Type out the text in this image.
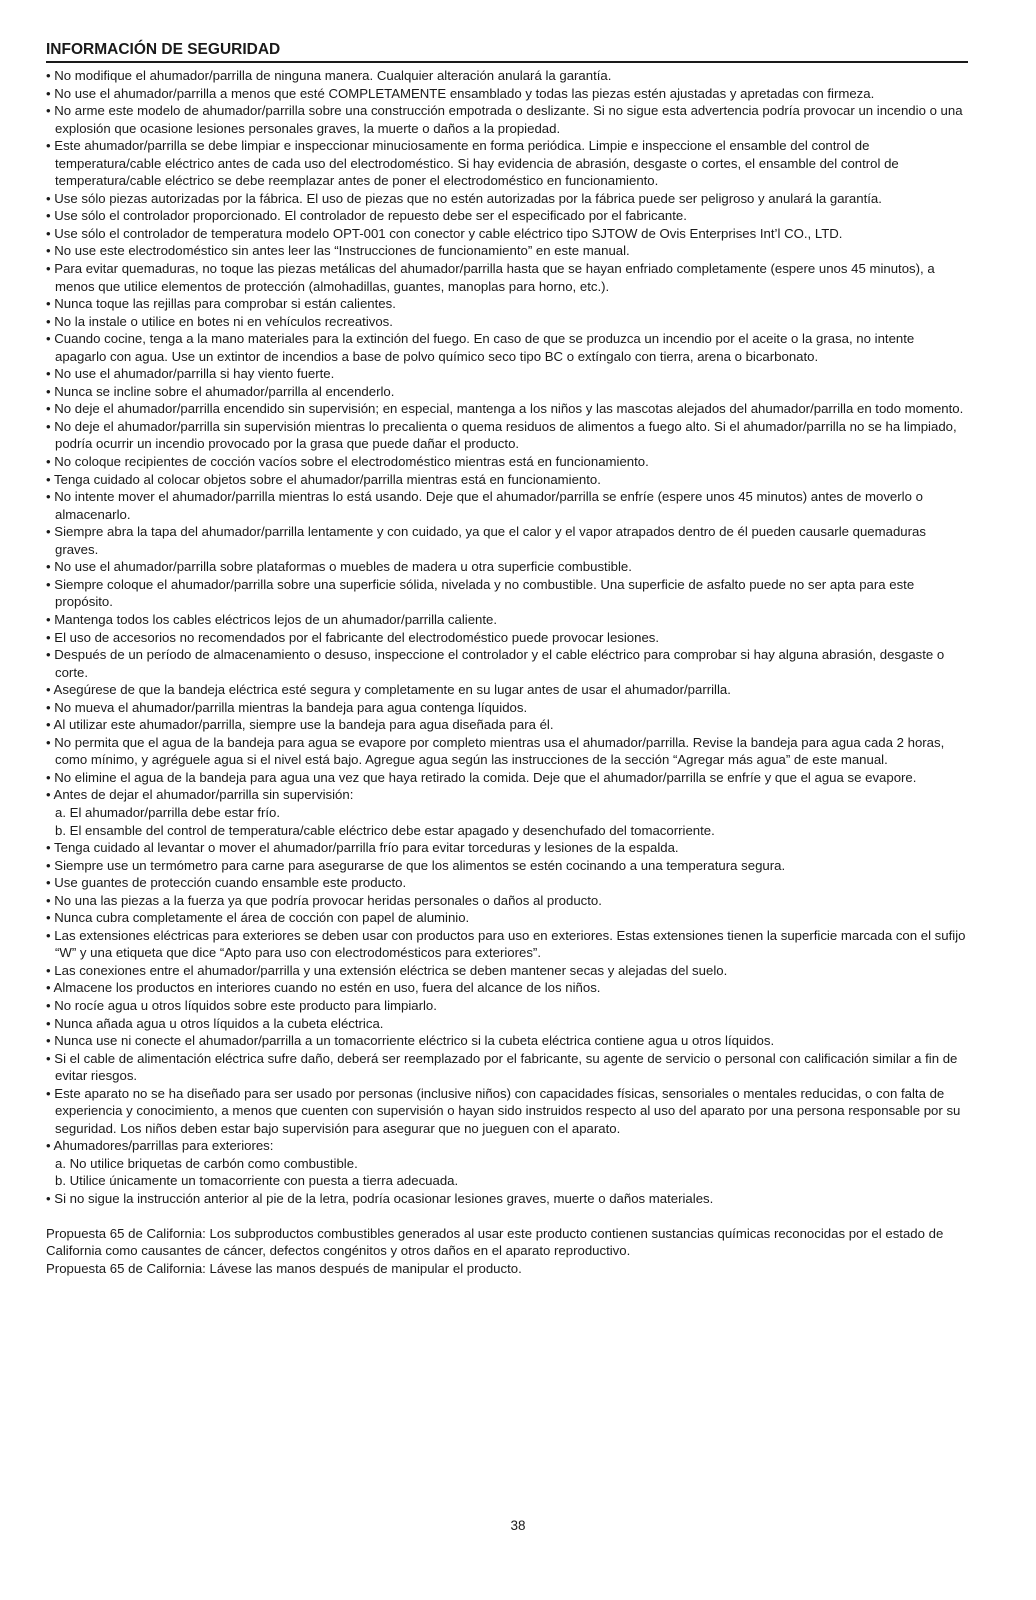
INFORMACIÓN DE SEGURIDAD
• No modifique el ahumador/parrilla de ninguna manera. Cualquier alteración anulará la garantía.
• No use el ahumador/parrilla a menos que esté COMPLETAMENTE ensamblado y todas las piezas estén ajustadas y apretadas con firmeza.
• No arme este modelo de ahumador/parrilla sobre una construcción empotrada o deslizante. Si no sigue esta advertencia podría provocar un incendio o una explosión que ocasione lesiones personales graves, la muerte o daños a la propiedad.
• Este ahumador/parrilla se debe limpiar e inspeccionar minuciosamente en forma periódica. Limpie e inspeccione el ensamble del control de temperatura/cable eléctrico antes de cada uso del electrodoméstico. Si hay evidencia de abrasión, desgaste o cortes, el ensamble del control de temperatura/cable eléctrico se debe reemplazar antes de poner el electrodoméstico en funcionamiento.
• Use sólo piezas autorizadas por la fábrica. El uso de piezas que no estén autorizadas por la fábrica puede ser peligroso y anulará la garantía.
• Use sólo el controlador proporcionado. El controlador de repuesto debe ser el especificado por el fabricante.
• Use sólo el controlador de temperatura modelo OPT-001 con conector y cable eléctrico tipo SJTOW de Ovis Enterprises Int’l CO., LTD.
• No use este electrodoméstico sin antes leer las “Instrucciones de funcionamiento” en este manual.
• Para evitar quemaduras, no toque las piezas metálicas del ahumador/parrilla hasta que se hayan enfriado completamente (espere unos 45 minutos), a menos que utilice elementos de protección (almohadillas, guantes, manoplas para horno, etc.).
• Nunca toque las rejillas para comprobar si están calientes.
• No la instale o utilice en botes ni en vehículos recreativos.
• Cuando cocine, tenga a la mano materiales para la extinción del fuego. En caso de que se produzca un incendio por el aceite o la grasa, no intente apagarlo con agua. Use un extintor de incendios a base de polvo químico seco tipo BC o extíngalo con tierra, arena o bicarbonato.
• No use el ahumador/parrilla si hay viento fuerte.
• Nunca se incline sobre el ahumador/parrilla al encenderlo.
• No deje el ahumador/parrilla encendido sin supervisión; en especial, mantenga a los niños y las mascotas alejados del ahumador/parrilla en todo momento.
• No deje el ahumador/parrilla sin supervisión mientras lo precalienta o quema residuos de alimentos a fuego alto. Si el ahumador/parrilla no se ha limpiado, podría ocurrir un incendio provocado por la grasa que puede dañar el producto.
• No coloque recipientes de cocción vacíos sobre el electrodoméstico mientras está en funcionamiento.
• Tenga cuidado al colocar objetos sobre el ahumador/parrilla mientras está en funcionamiento.
• No intente mover el ahumador/parrilla mientras lo está usando. Deje que el ahumador/parrilla se enfríe (espere unos 45 minutos) antes de moverlo o almacenarlo.
• Siempre abra la tapa del ahumador/parrilla lentamente y con cuidado, ya que el calor y el vapor atrapados dentro de él pueden causarle quemaduras graves.
• No use el ahumador/parrilla sobre plataformas o muebles de madera u otra superficie combustible.
• Siempre coloque el ahumador/parrilla sobre una superficie sólida, nivelada y no combustible. Una superficie de asfalto puede no ser apta para este propósito.
• Mantenga todos los cables eléctricos lejos de un ahumador/parrilla caliente.
• El uso de accesorios no recomendados por el fabricante del electrodoméstico puede provocar lesiones.
• Después de un período de almacenamiento o desuso, inspeccione el controlador y el cable eléctrico para comprobar si hay alguna abrasión, desgaste o corte.
• Asegúrese de que la bandeja eléctrica esté segura y completamente en su lugar antes de usar el ahumador/parrilla.
• No mueva el ahumador/parrilla mientras la bandeja para agua contenga líquidos.
• Al utilizar este ahumador/parrilla, siempre use la bandeja para agua diseñada para él.
• No permita que el agua de la bandeja para agua se evapore por completo mientras usa el ahumador/parrilla. Revise la bandeja para agua cada 2 horas, como mínimo, y agréguele agua si el nivel está bajo. Agregue agua según las instrucciones de la sección “Agregar más agua” de este manual.
• No elimine el agua de la bandeja para agua una vez que haya retirado la comida. Deje que el ahumador/parrilla se enfríe y que el agua se evapore.
• Antes de dejar el ahumador/parrilla sin supervisión:
a. El ahumador/parrilla debe estar frío.
b. El ensamble del control de temperatura/cable eléctrico debe estar apagado y desenchufado del tomacorriente.
• Tenga cuidado al levantar o mover el ahumador/parrilla frío para evitar torceduras y lesiones de la espalda.
• Siempre use un termómetro para carne para asegurarse de que los alimentos se estén cocinando a una temperatura segura.
• Use guantes de protección cuando ensamble este producto.
• No una las piezas a la fuerza ya que podría provocar heridas personales o daños al producto.
• Nunca cubra completamente el área de cocción con papel de aluminio.
• Las extensiones eléctricas para exteriores se deben usar con productos para uso en exteriores. Estas extensiones tienen la superficie marcada con el sufijo “W” y una etiqueta que dice “Apto para uso con electrodomésticos para exteriores”.
• Las conexiones entre el ahumador/parrilla y una extensión eléctrica se deben mantener secas y alejadas del suelo.
• Almacene los productos en interiores cuando no estén en uso, fuera del alcance de los niños.
• No rocíe agua u otros líquidos sobre este producto para limpiarlo.
• Nunca añada agua u otros líquidos a la cubeta eléctrica.
• Nunca use ni conecte el ahumador/parrilla a un tomacorriente eléctrico si la cubeta eléctrica contiene agua u otros líquidos.
• Si el cable de alimentación eléctrica sufre daño, deberá ser reemplazado por el fabricante, su agente de servicio o personal con calificación similar a fin de evitar riesgos.
• Este aparato no se ha diseñado para ser usado por personas (inclusive niños) con capacidades físicas, sensoriales o mentales reducidas, o con falta de experiencia y conocimiento, a menos que cuenten con supervisión o hayan sido instruidos respecto al uso del aparato por una persona responsable por su seguridad. Los niños deben estar bajo supervisión para asegurar que no jueguen con el aparato.
• Ahumadores/parrillas para exteriores:
a. No utilice briquetas de carbón como combustible.
b. Utilice únicamente un tomacorriente con puesta a tierra adecuada.
• Si no sigue la instrucción anterior al pie de la letra, podría ocasionar lesiones graves, muerte o daños materiales.

Propuesta 65 de California: Los subproductos combustibles generados al usar este producto contienen sustancias químicas reconocidas por el estado de California como causantes de cáncer, defectos congénitos y otros daños en el aparato reproductivo.

Propuesta 65 de California: Lávese las manos después de manipular el producto.

38
